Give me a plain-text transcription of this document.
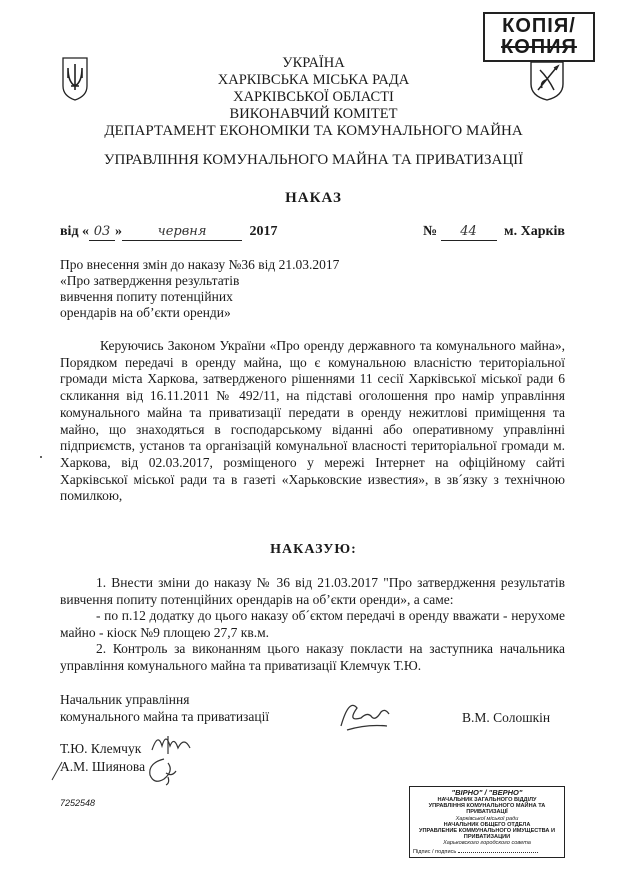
КОПІЯ/
КОПИЯ
УКРАЇНА
ХАРКІВСЬКА МІСЬКА РАДА
ХАРКІВСЬКОЇ ОБЛАСТІ
ВИКОНАВЧИЙ КОМІТЕТ
ДЕПАРТАМЕНТ ЕКОНОМІКИ ТА КОМУНАЛЬНОГО МАЙНА
УПРАВЛІННЯ КОМУНАЛЬНОГО МАЙНА ТА ПРИВАТИЗАЦІЇ
НАКАЗ
від « 03 »	червня	2017	№ 44 м. Харків
Про внесення змін до наказу №36 від 21.03.2017
«Про затвердження результатів
вивчення попиту потенційних
орендарів на об’єкти оренди»
Керуючись Законом України «Про оренду державного та комунального майна», Порядком передачі в оренду майна, що є комунальною власністю територіальної громади міста Харкова, затвердженого рішеннями 11 сесії Харківської міської ради 6 скликання від 16.11.2011 № 492/11, на підставі оголошення про намір управління комунального майна та приватизації передати в оренду нежитлові приміщення та майно, що знаходяться в господарському віданні або оперативному управлінні підприємств, установ та організацій комунальної власності територіальної громади м. Харкова, від 02.03.2017, розміщеного у мережі Інтернет на офіційному сайті Харківської міської ради та в газеті «Харьковские известия», в зв´язку з технічною помилкою,
НАКАЗУЮ:

1. Внести зміни до наказу № 36 від 21.03.2017 "Про затвердження результатів вивчення попиту потенційних орендарів на об’єкти оренди», а саме:

- по п.12 додатку до цього наказу об´єктом передачі в оренду вважати - нерухоме майно - кіоск №9 площею 27,7 кв.м.

2. Контроль за виконанням цього наказу покласти на заступника начальника управління комунального майна та приватизації Клемчук Т.Ю.

Начальник управління
комунального майна та приватизації	В.М. Солошкін
Т.Ю. Клемчук
А.М. Шиянова
7252548
"ВІРНО" / "ВЕРНО"
НАЧАЛЬНИК ЗАГАЛЬНОГО ВІДДІЛУ
УПРАВЛІННЯ КОМУНАЛЬНОГО МАЙНА ТА ПРИВАТИЗАЦІЇ
Харківської міської ради
НАЧАЛЬНИК ОБЩЕГО ОТДЕЛА
УПРАВЛЕНИЕ КОММУНАЛЬНОГО ИМУЩЕСТВА И ПРИВАТИЗАЦИИ
Харьковского городского совета
Підпис / подпись
